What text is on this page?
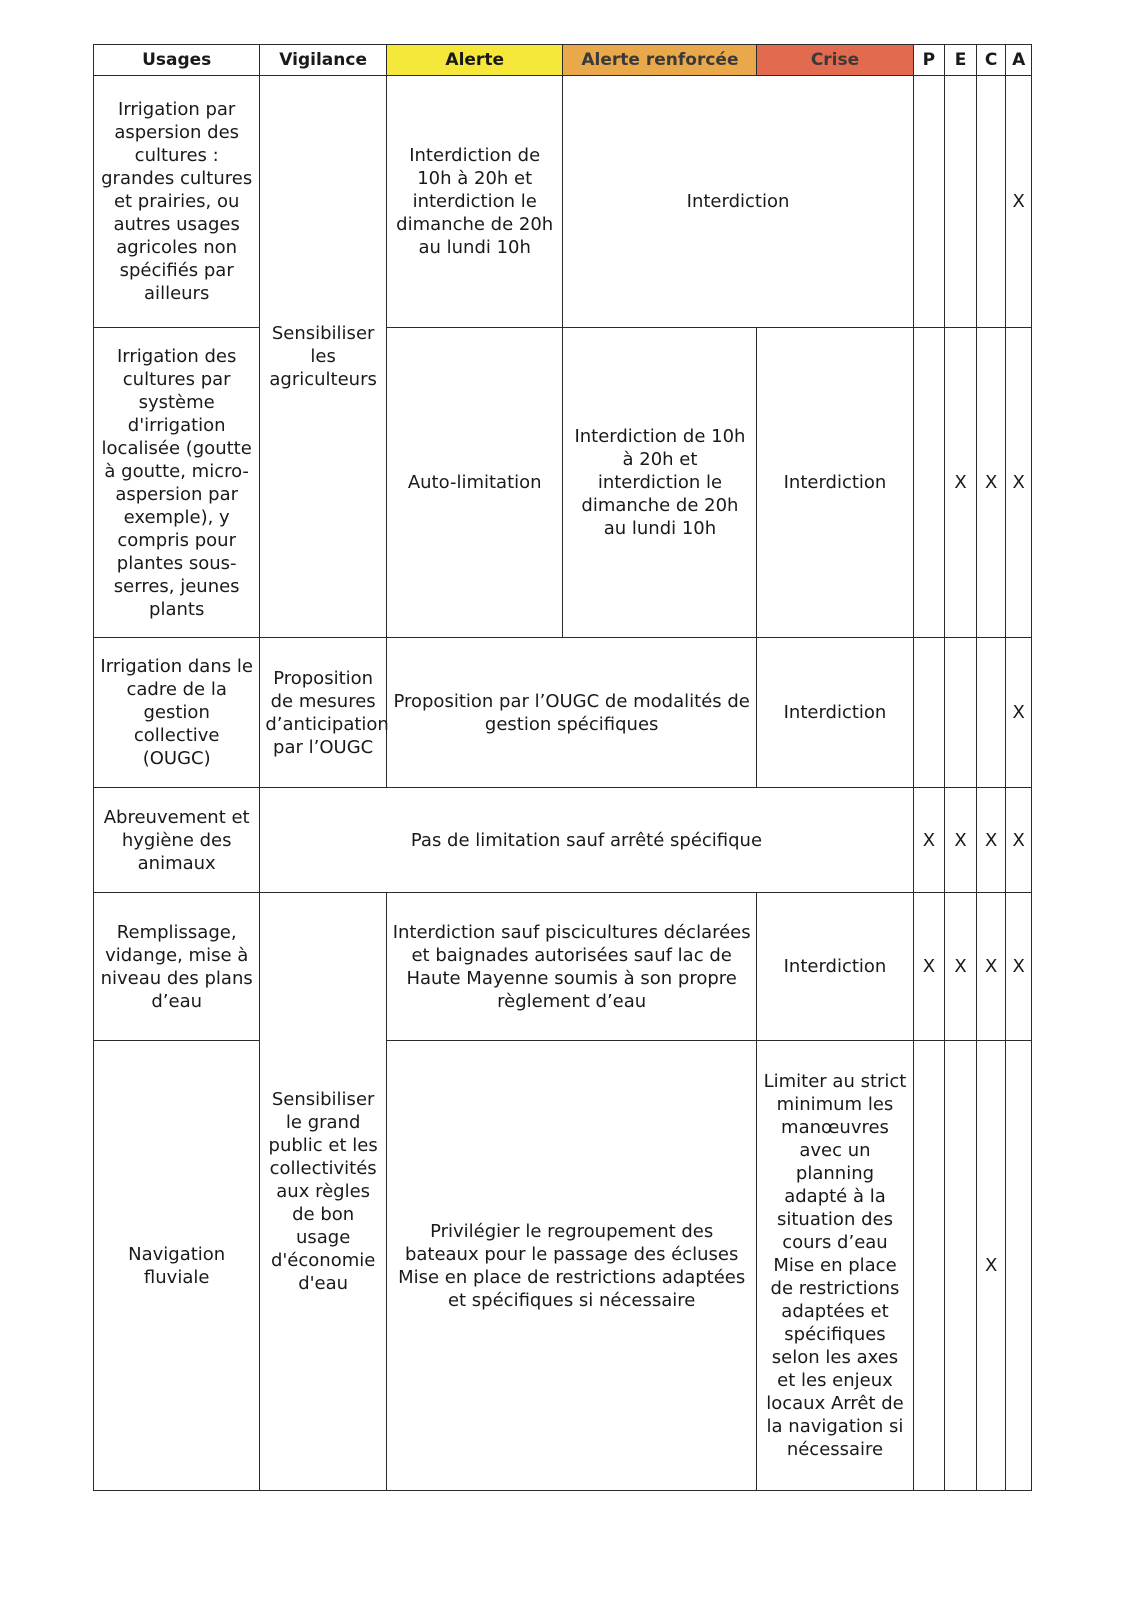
Usages	Vigilance	Alerte	Alerte renforcée	Crise	P	E	C	A
Irrigation par aspersion des cultures : grandes cultures et prairies, ou autres usages agricoles non spécifiés par ailleurs	Sensibiliser les agriculteurs	Interdiction de 10h à 20h et interdiction le dimanche de 20h au lundi 10h	Interdiction					X
Irrigation des cultures par système d'irrigation localisée (goutte à goutte, micro-aspersion par exemple), y compris pour plantes sous-serres, jeunes plants		Auto-limitation	Interdiction de 10h à 20h et interdiction le dimanche de 20h au lundi 10h	Interdiction		X	X	X
Irrigation dans le cadre de la gestion collective (OUGC)	Proposition de mesures d’anticipation par l’OUGC	Proposition par l’OUGC de modalités de gestion spécifiques		Interdiction				X
Abreuvement et hygiène des animaux	Pas de limitation sauf arrêté spécifique				X	X	X	X
Remplissage, vidange, mise à niveau des plans d’eau	Sensibiliser le grand public et les collectivités aux règles de bon usage d'économie d'eau	Interdiction sauf piscicultures déclarées et baignades autorisées sauf lac de Haute Mayenne soumis à son propre règlement d’eau		Interdiction	X	X	X	X
Navigation fluviale		Privilégier le regroupement des bateaux pour le passage des écluses Mise en place de restrictions adaptées et spécifiques si nécessaire		Limiter au strict minimum les manœuvres avec un planning adapté à la situation des cours d’eau Mise en place de restrictions adaptées et spécifiques selon les axes et les enjeux locaux Arrêt de la navigation si nécessaire			X	
